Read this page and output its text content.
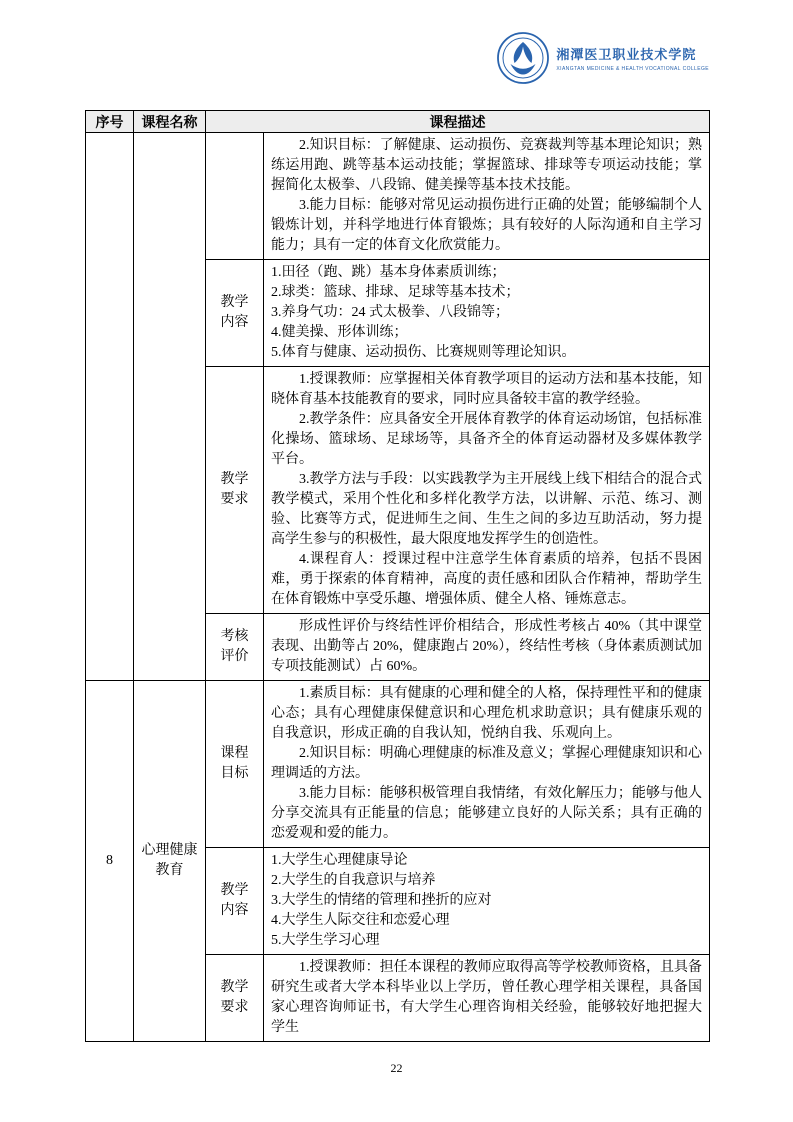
湘潭医卫职业技术学院
XIANGTAN MEDICINE & HEALTH VOCATIONAL COLLEGE
序号	课程名称	课程描述	

			2.知识目标：了解健康、运动损伤、竞赛裁判等基本理论知识；熟练运用跑、跳等基本运动技能；掌握篮球、排球等专项运动技能；掌握简化太极拳、八段锦、健美操等基本技术技能。

3.能力目标：能够对常见运动损伤进行正确的处置；能够编制个人锻炼计划，并科学地进行体育锻炼；具有较好的人际沟通和自主学习能力；具有一定的体育文化欣赏能力。

		教学内容	1.田径（跑、跳）基本身体素质训练；

2.球类：篮球、排球、足球等基本技术；

3.养身气功：24 式太极拳、八段锦等；

4.健美操、形体训练；

5.体育与健康、运动损伤、比赛规则等理论知识。

		教学要求	1.授课教师：应掌握相关体育教学项目的运动方法和基本技能，知晓体育基本技能教育的要求，同时应具备较丰富的教学经验。

2.教学条件：应具备安全开展体育教学的体育运动场馆，包括标准化操场、篮球场、足球场等，具备齐全的体育运动器材及多媒体教学平台。

3.教学方法与手段：以实践教学为主开展线上线下相结合的混合式教学模式，采用个性化和多样化教学方法，以讲解、示范、练习、测验、比赛等方式，促进师生之间、生生之间的多边互助活动，努力提高学生参与的积极性，最大限度地发挥学生的创造性。

4.课程育人：授课过程中注意学生体育素质的培养，包括不畏困难，勇于探索的体育精神，高度的责任感和团队合作精神，帮助学生在体育锻炼中享受乐趣、增强体质、健全人格、锤炼意志。

		考核评价	形成性评价与终结性评价相结合，形成性考核占 40%（其中课堂表现、出勤等占 20%，健康跑占 20%），终结性考核（身体素质测试加专项技能测试）占 60%。

8	心理健康教育	课程目标	1.素质目标：具有健康的心理和健全的人格，保持理性平和的健康心态；具有心理健康保健意识和心理危机求助意识；具有健康乐观的自我意识，形成正确的自我认知，悦纳自我、乐观向上。

2.知识目标：明确心理健康的标准及意义；掌握心理健康知识和心理调适的方法。

3.能力目标：能够积极管理自我情绪，有效化解压力；能够与他人分享交流具有正能量的信息；能够建立良好的人际关系；具有正确的恋爱观和爱的能力。

		教学内容	1.大学生心理健康导论

2.大学生的自我意识与培养

3.大学生的情绪的管理和挫折的应对

4.大学生人际交往和恋爱心理

5.大学生学习心理

		教学要求	1.授课教师：担任本课程的教师应取得高等学校教师资格，且具备研究生或者大学本科毕业以上学历，曾任教心理学相关课程，具备国家心理咨询师证书，有大学生心理咨询相关经验，能够较好地把握大学生

22
